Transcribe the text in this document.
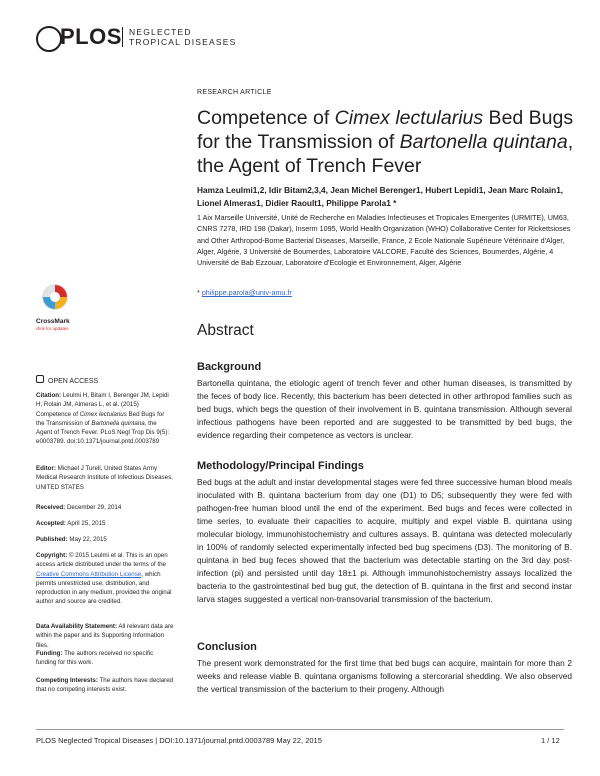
PLOS NEGLECTED
TROPICAL DISEASES
RESEARCH ARTICLE
Competence of Cimex lectularius Bed Bugs for the Transmission of Bartonella quintana, the Agent of Trench Fever
Hamza Leulmi1,2, Idir Bitam2,3,4, Jean Michel Berenger1, Hubert Lepidi1, Jean Marc Rolain1, Lionel Almeras1, Didier Raoult1, Philippe Parola1 *
1 Aix Marseille Université, Unité de Recherche en Maladies Infectieuses et Tropicales Emergentes (URMITE), UM63, CNRS 7278, IRD 198 (Dakar), Inserm 1095, World Health Organization (WHO) Collaborative Center for Rickettsioses and Other Arthropod-Borne Bacterial Diseases, Marseille, France, 2 Ecole Nationale Supérieure Vétérinaire d'Alger, Alger, Algérie, 3 Université de Boumerdes, Laboratoire VALCORE, Faculté des Sciences, Boumerdes, Algérie, 4 Université de Bab Ezzouar, Laboratoire d'Ecologie et Environnement, Alger, Algérie
* philippe.parola@univ-amu.fr
CrossMark
click for updates
OPEN ACCESS
Citation: Leulmi H, Bitam I, Berenger JM, Lepidi H, Rolain JM, Almeras L, et al. (2015) Competence of Cimex lectularius Bed Bugs for the Transmission of Bartonella quintana, the Agent of Trench Fever. PLoS Negl Trop Dis 9(5): e0003789. doi:10.1371/journal.pntd.0003789
Editor: Michael J Turell, United States Army Medical Research Institute of Infectious Diseases, UNITED STATES
Received: December 29, 2014
Accepted: April 25, 2015
Published: May 22, 2015
Copyright: © 2015 Leulmi et al. This is an open access article distributed under the terms of the Creative Commons Attribution License, which permits unrestricted use, distribution, and reproduction in any medium, provided the original author and source are credited.
Data Availability Statement: All relevant data are within the paper and its Supporting Information files.
Funding: The authors received no specific funding for this work.
Competing Interests: The authors have declared that no competing interests exist.
Abstract
Background
Bartonella quintana, the etiologic agent of trench fever and other human diseases, is transmitted by the feces of body lice. Recently, this bacterium has been detected in other arthropod families such as bed bugs, which begs the question of their involvement in B. quintana transmission. Although several infectious pathogens have been reported and are suggested to be transmitted by bed bugs, the evidence regarding their competence as vectors is unclear.
Methodology/Principal Findings
Bed bugs at the adult and instar developmental stages were fed three successive human blood meals inoculated with B. quintana bacterium from day one (D1) to D5; subsequently they were fed with pathogen-free human blood until the end of the experiment. Bed bugs and feces were collected in time series, to evaluate their capacities to acquire, multiply and expel viable B. quintana using molecular biology, immunohistochemistry and cultures assays. B. quintana was detected molecularly in 100% of randomly selected experimentally infected bed bug specimens (D3). The monitoring of B. quintana in bed bug feces showed that the bacterium was detectable starting on the 3rd day post-infection (pi) and persisted until day 18±1 pi. Although immunohistochemistry assays localized the bacteria to the gastrointestinal bed bug gut, the detection of B. quintana in the first and second instar larva stages suggested a vertical non-transovarial transmission of the bacterium.
Conclusion
The present work demonstrated for the first time that bed bugs can acquire, maintain for more than 2 weeks and release viable B. quintana organisms following a stercorarial shedding. We also observed the vertical transmission of the bacterium to their progeny. Although
PLOS Neglected Tropical Diseases | DOI:10.1371/journal.pntd.0003789 May 22, 2015	1 / 12
